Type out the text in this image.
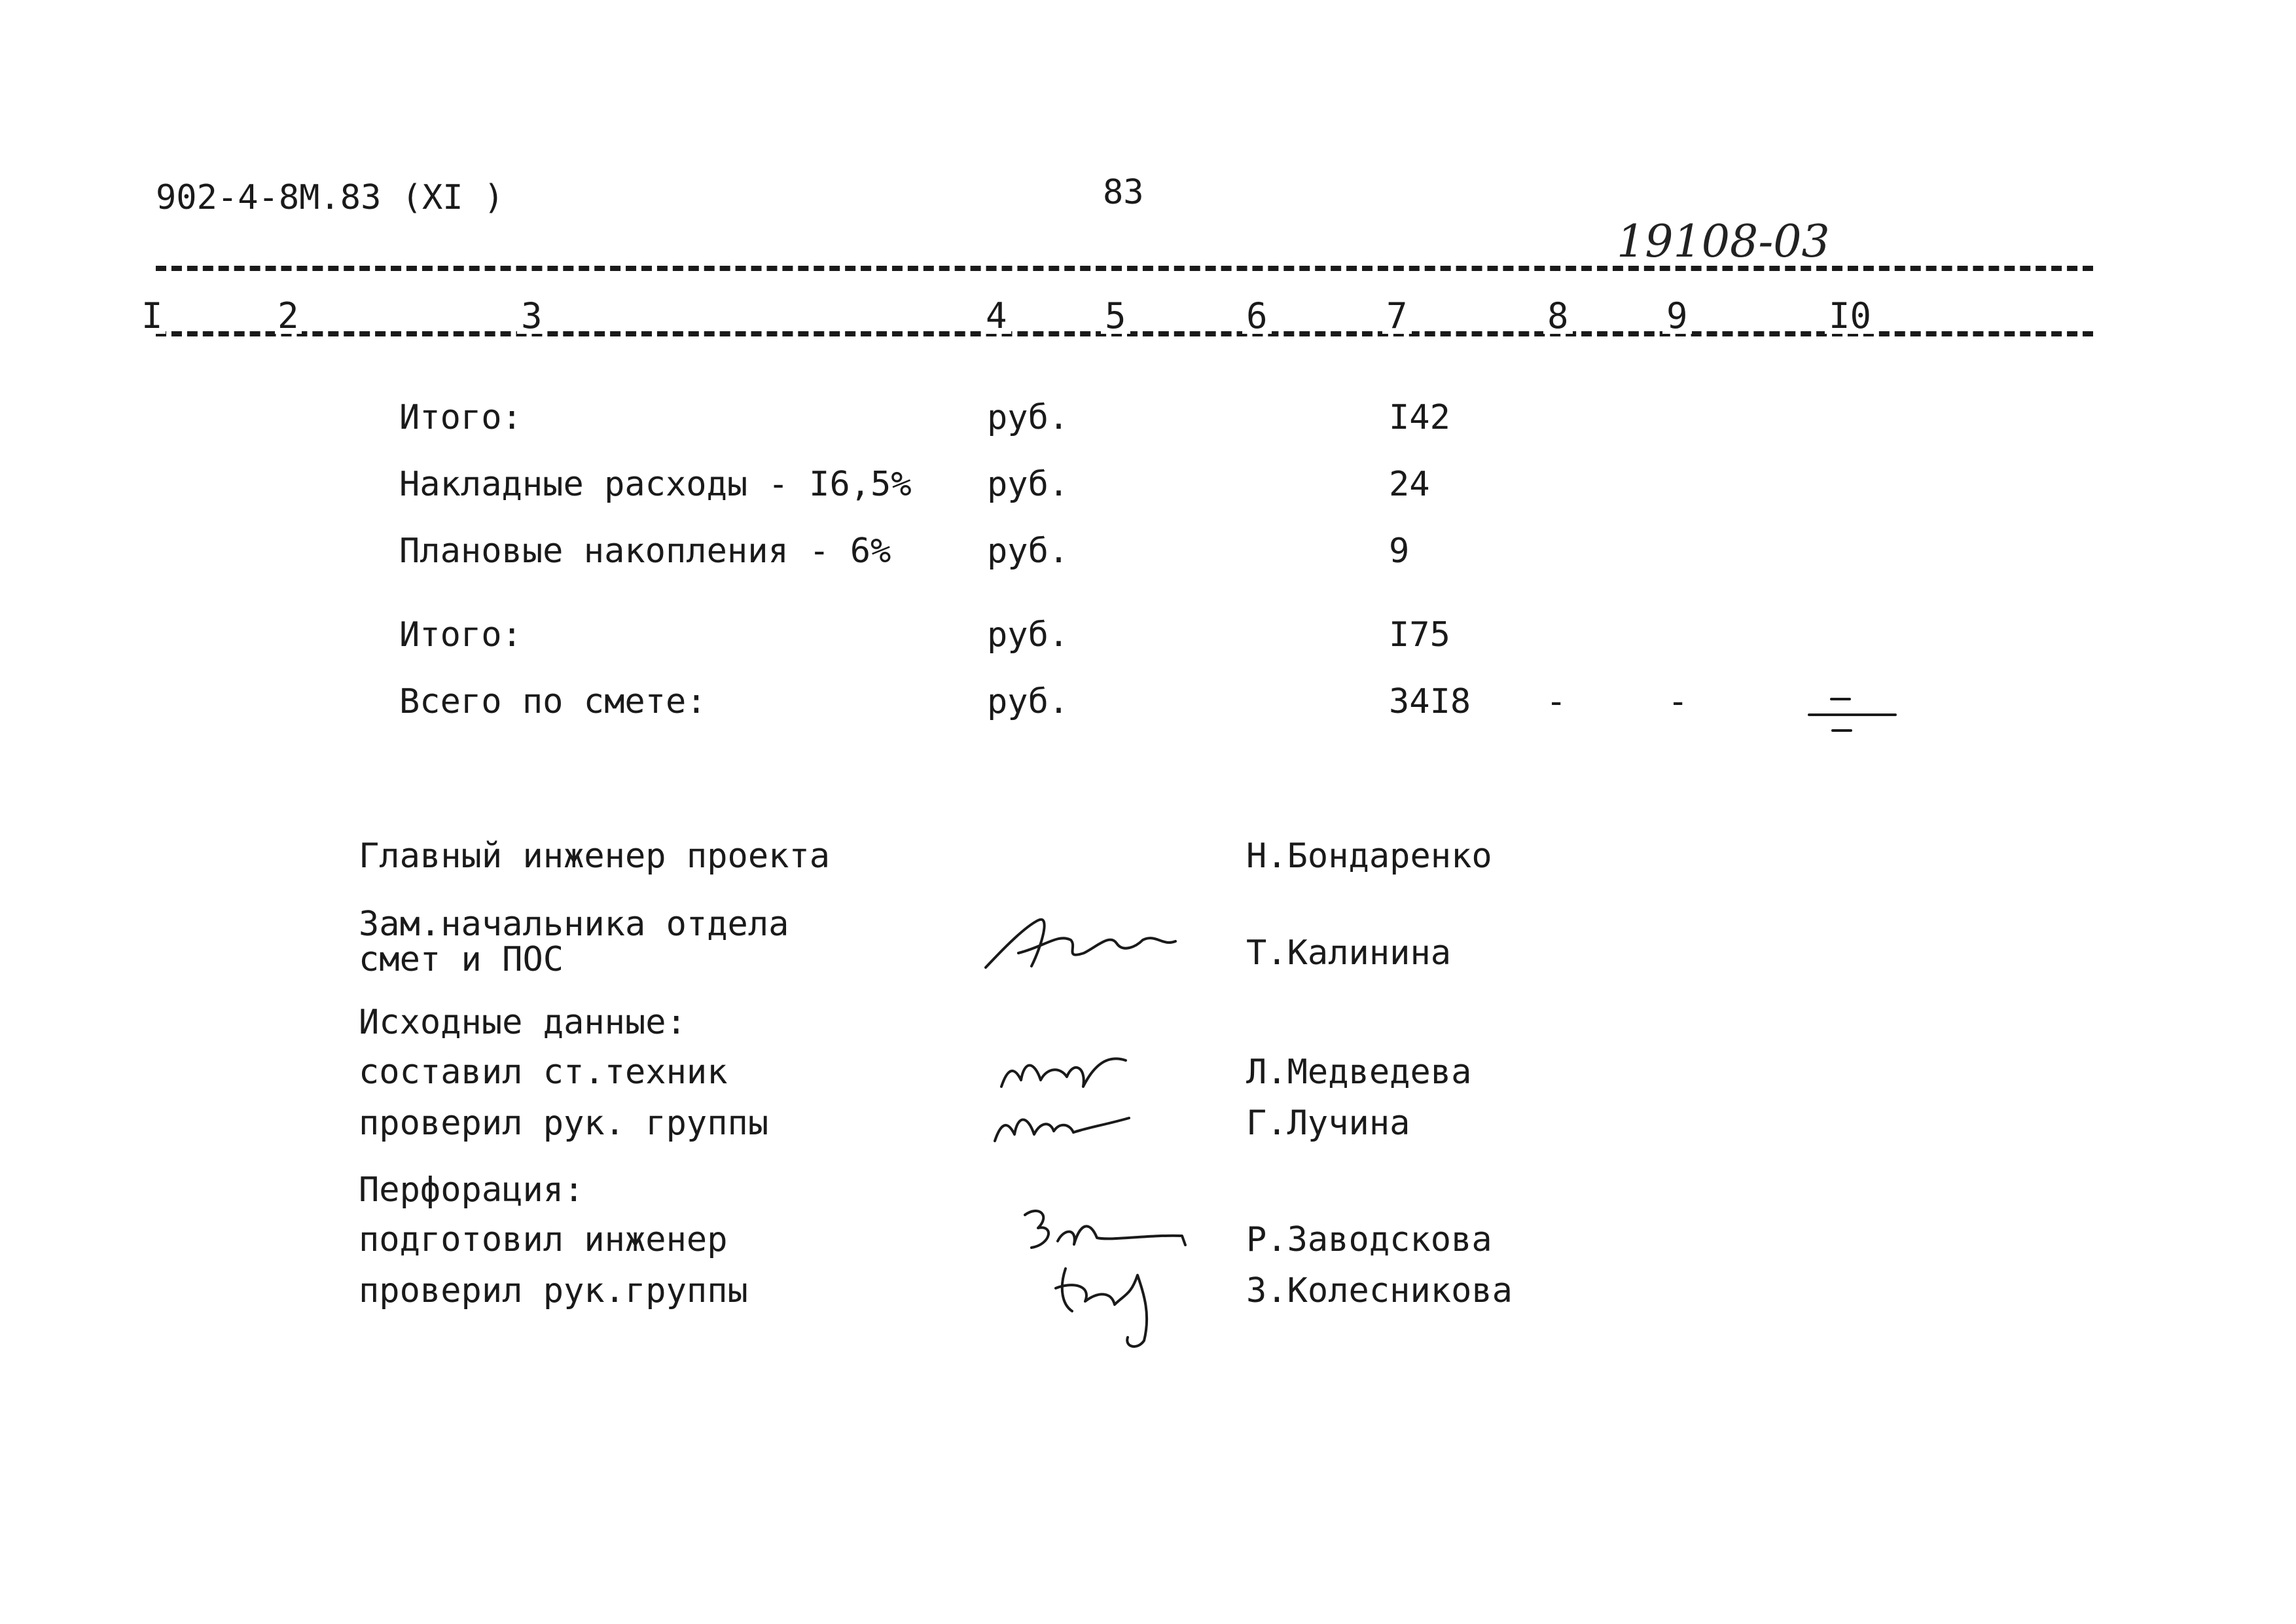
902-4-8М.83 (XI )	83
19108-03
I	2	3	4	5	6	7	8	9	I0
Итого:	руб.	I42
Накладные расходы - I6,5% руб.	24
Плановые накопления - 6%	руб.	9
Итого:	руб.	I75
Всего по смете:	руб.	34I8 -	-
Главный инженер проекта	Н.Бондаренко
Зам.начальника отдела
смет и ПОС	Т.Калинина
Исходные данные:
составил ст.техник	Л.Медведева
проверил рук. группы	Г.Лучина
Перфорация:
подготовил инженер	Р.Заводскова
проверил рук.группы	З.Колесникова
